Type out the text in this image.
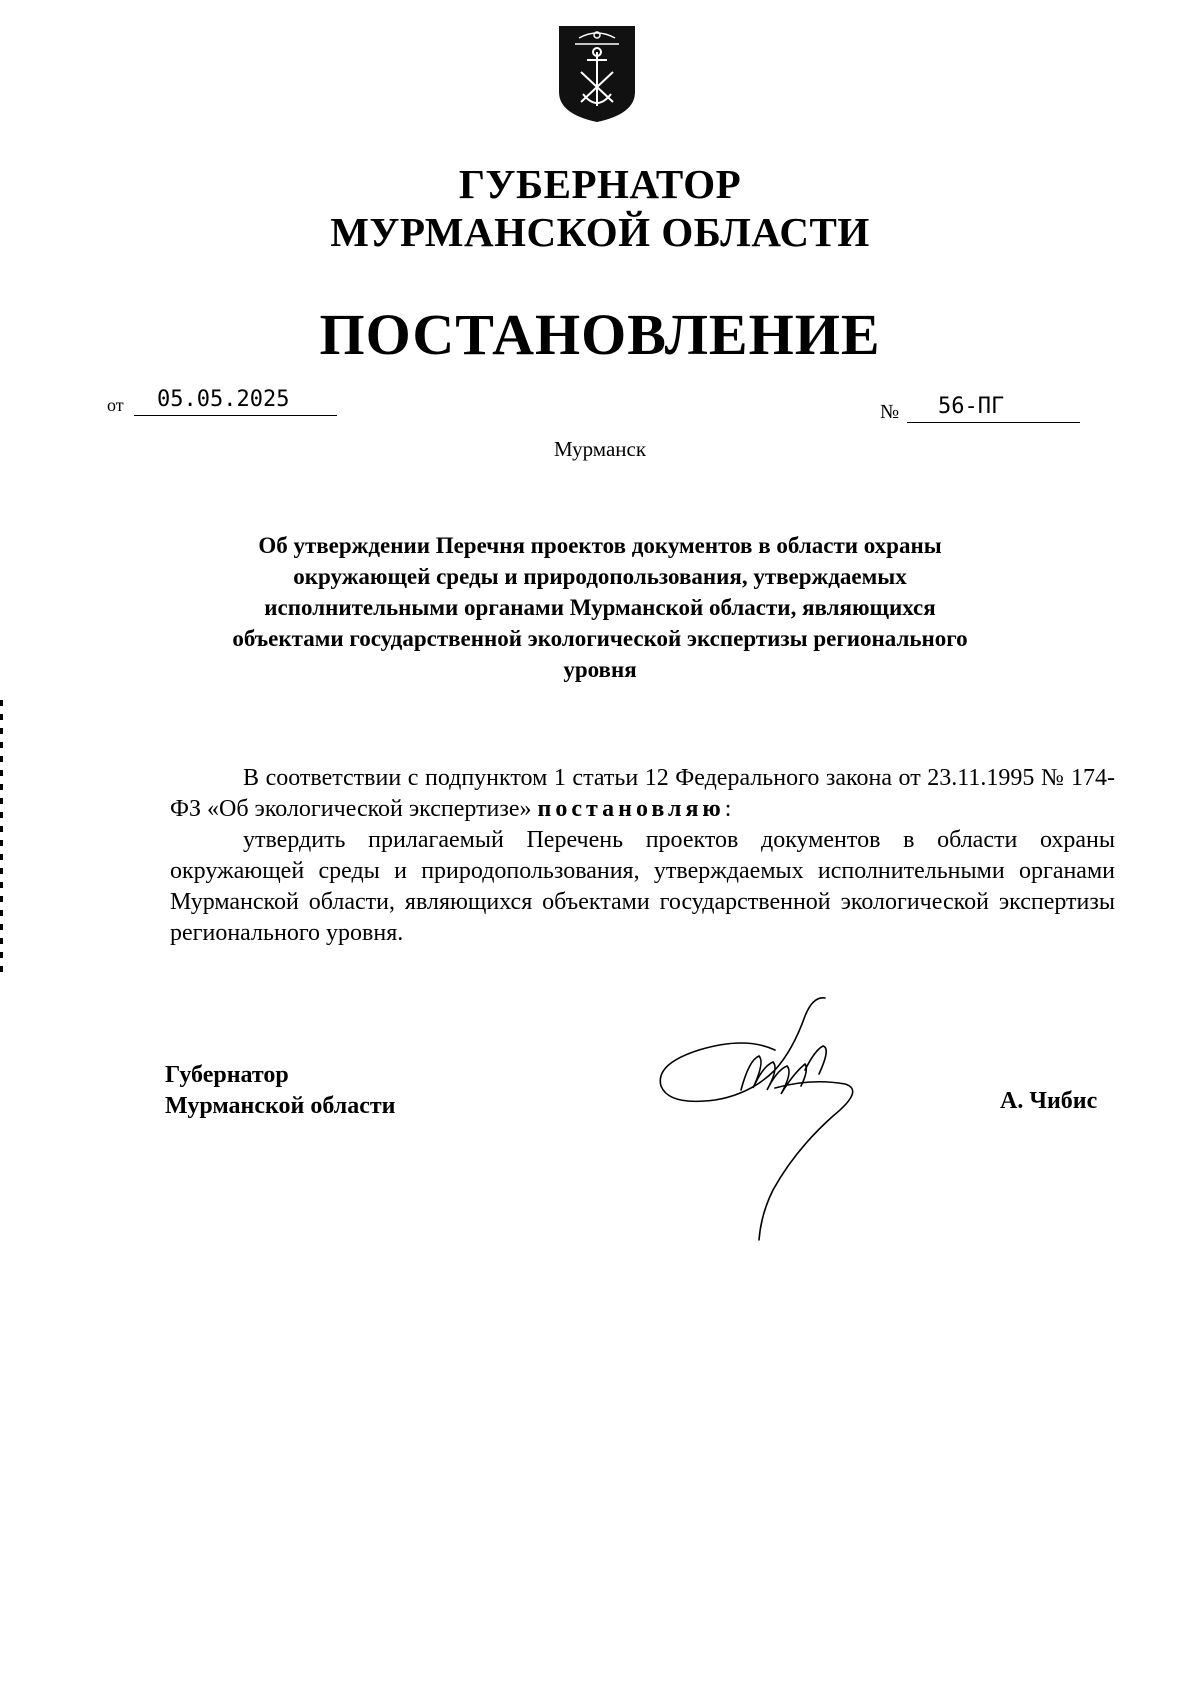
ГУБЕРНАТОР
МУРМАНСКОЙ ОБЛАСТИ
ПОСТАНОВЛЕНИЕ
от 05.05.2025	№ 56-ПГ
Мурманск
Об утверждении Перечня проектов документов в области охраны
окружающей среды и природопользования, утверждаемых
исполнительными органами Мурманской области, являющихся
объектами государственной экологической экспертизы регионального
уровня

В соответствии с подпунктом 1 статьи 12 Федерального закона от 23.11.1995 № 174-ФЗ «Об экологической экспертизе» постановляю:

утвердить прилагаемый Перечень проектов документов в области охраны окружающей среды и природопользования, утверждаемых исполнительными органами Мурманской области, являющихся объектами государственной экологической экспертизы регионального уровня.

Губернатор
Мурманской области	А. Чибис
